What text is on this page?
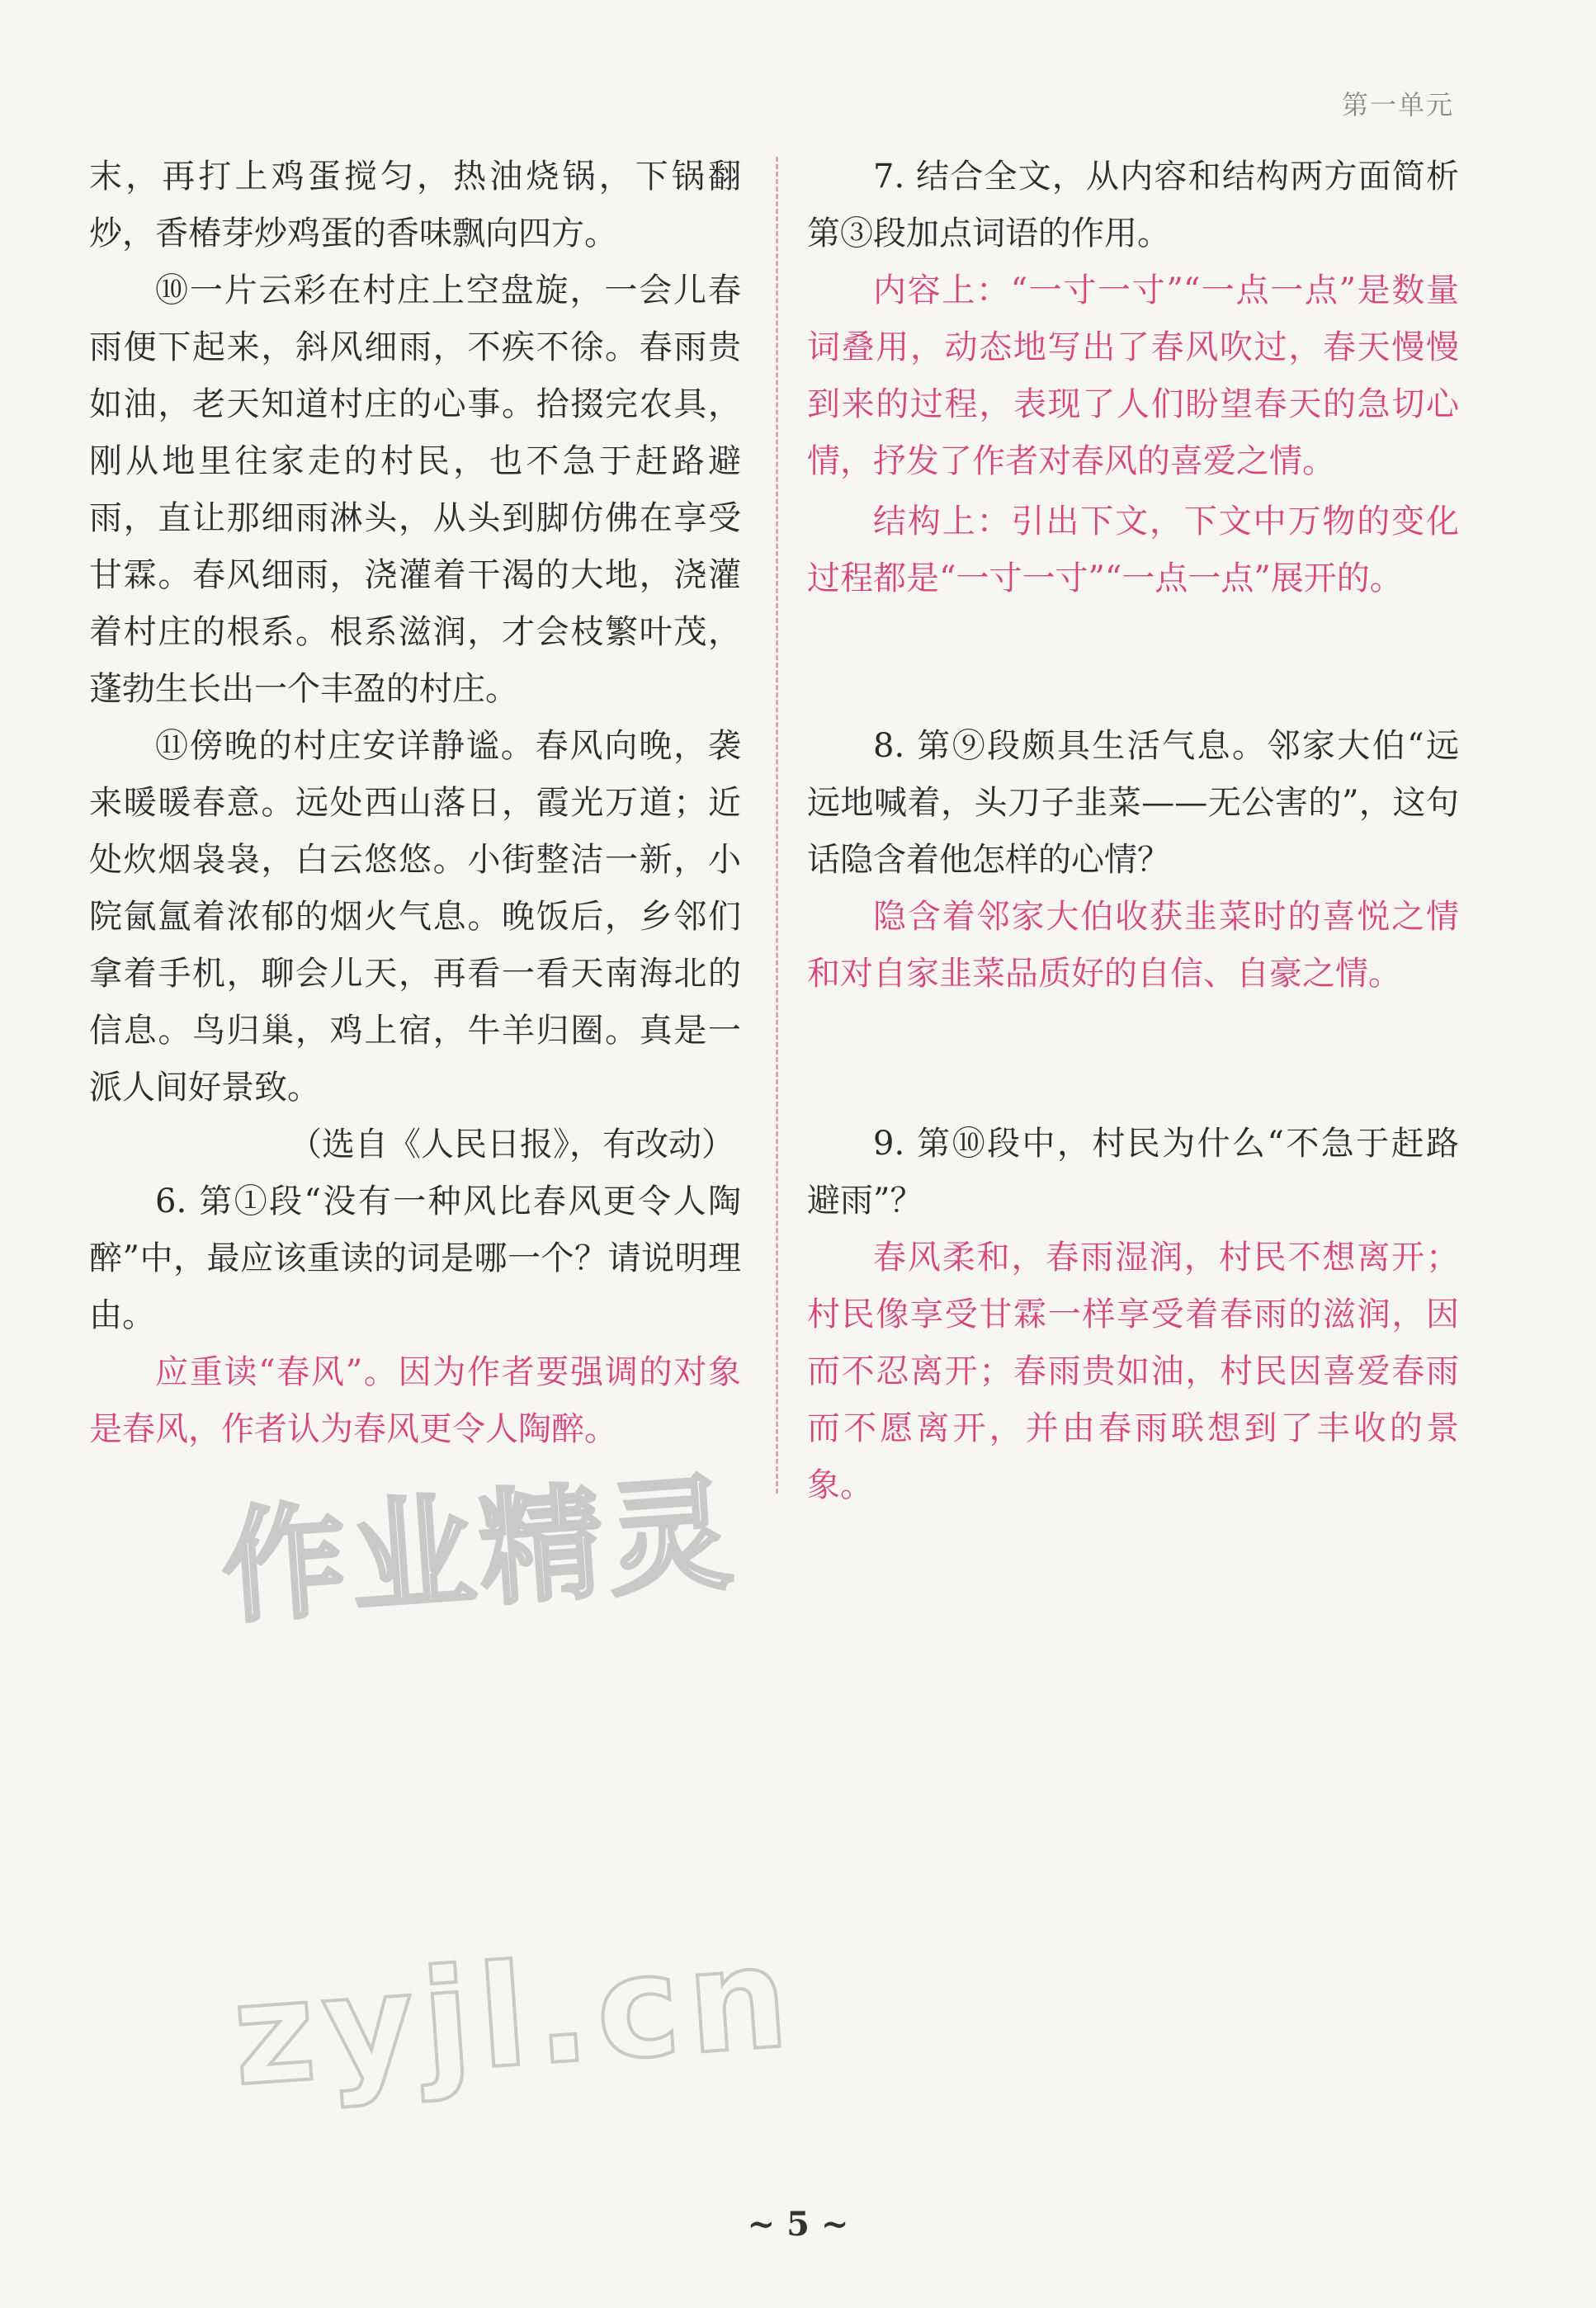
第一单元

末，再打上鸡蛋搅匀，热油烧锅，下锅翻炒，香椿芽炒鸡蛋的香味飘向四方。

⑩一片云彩在村庄上空盘旋，一会儿春雨便下起来，斜风细雨，不疾不徐。春雨贵如油，老天知道村庄的心事。拾掇完农具，刚从地里往家走的村民，也不急于赶路避雨，直让那细雨淋头，从头到脚仿佛在享受甘霖。春风细雨，浇灌着干渴的大地，浇灌着村庄的根系。根系滋润，才会枝繁叶茂，蓬勃生长出一个丰盈的村庄。

⑪傍晚的村庄安详静谧。春风向晚，袭来暖暖春意。远处西山落日，霞光万道；近处炊烟袅袅，白云悠悠。小街整洁一新，小院氤氲着浓郁的烟火气息。晚饭后，乡邻们拿着手机，聊会儿天，再看一看天南海北的信息。鸟归巢，鸡上宿，牛羊归圈。真是一派人间好景致。

（选自《人民日报》，有改动）

6. 第①段“没有一种风比春风更令人陶醉”中，最应该重读的词是哪一个？请说明理由。

应重读“春风”。因为作者要强调的对象是春风，作者认为春风更令人陶醉。

7. 结合全文，从内容和结构两方面简析第③段加点词语的作用。

内容上：“一寸一寸”“一点一点”是数量词叠用，动态地写出了春风吹过，春天慢慢到来的过程，表现了人们盼望春天的急切心情，抒发了作者对春风的喜爱之情。

结构上：引出下文，下文中万物的变化过程都是“一寸一寸”“一点一点”展开的。

8. 第⑨段颇具生活气息。邻家大伯“远远地喊着，头刀子韭菜——无公害的”，这句话隐含着他怎样的心情？

隐含着邻家大伯收获韭菜时的喜悦之情和对自家韭菜品质好的自信、自豪之情。

9. 第⑩段中，村民为什么“不急于赶路避雨”？

春风柔和，春雨湿润，村民不想离开；村民像享受甘霖一样享受着春雨的滋润，因而不忍离开；春雨贵如油，村民因喜爱春雨而不愿离开，并由春雨联想到了丰收的景象。

作业精灵
zyjl.cn
~ 5 ~
